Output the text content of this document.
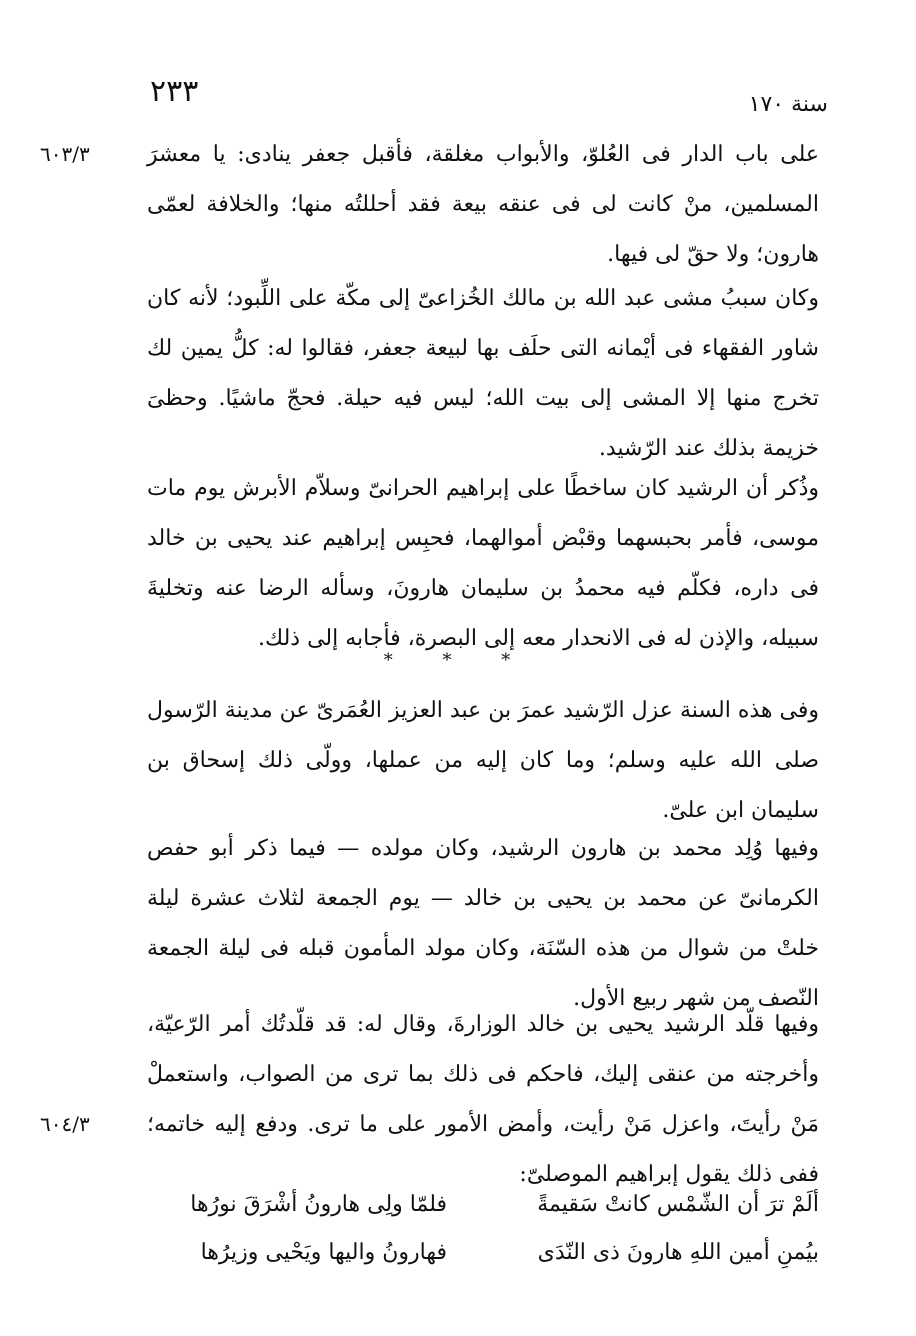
٢٣٣	سنة ١٧٠
٦٠٣/٣
٦٠٤/٣

على باب الدار فى العُلوّ، والأبواب مغلقة، فأقبل جعفر ينادى: يا معشرَ المسلمين، منْ كانت لى فى عنقه بيعة فقد أحللتُه منها؛ والخلافة لعمّى هارون؛ ولا حقّ لى فيها.

وكان سببُ مشى عبد الله بن مالك الخُزاعىّ إلى مكّة على اللِّبود؛ لأنه كان شاور الفقهاء فى أيْمانه التى حلَف بها لبيعة جعفر، فقالوا له: كلُّ يمين لك تخرج منها إلا المشى إلى بيت الله؛ ليس فيه حيلة. فحجّ ماشيًا. وحظىَ خزيمة بذلك عند الرّشيد.

وذُكر أن الرشيد كان ساخطًا على إبراهيم الحرانىّ وسلاّم الأبرش يوم مات موسى، فأمر بحبسهما وقبْض أموالهما، فحبِس إبراهيم عند يحيى بن خالد فى داره، فكلّم فيه محمدُ بن سليمان هارونَ، وسأله الرضا عنه وتخليةَ سبيله، والإذن له فى الانحدار معه إلى البصرة، فأجابه إلى ذلك.

* * *

وفى هذه السنة عزل الرّشيد عمرَ بن عبد العزيز العُمَرىّ عن مدينة الرّسول صلى الله عليه وسلم؛ وما كان إليه من عملها، وولّى ذلك إسحاق بن سليمان ابن علىّ.

وفيها وُلِد محمد بن هارون الرشيد، وكان مولده — فيما ذكر أبو حفص الكرمانىّ عن محمد بن يحيى بن خالد — يوم الجمعة لثلاث عشرة ليلة خلتْ من شوال من هذه السّنَة، وكان مولد المأمون قبله فى ليلة الجمعة النّصف من شهر ربيع الأول.

وفيها قلّد الرشيد يحيى بن خالد الوزارةَ، وقال له: قد قلّدتُك أمر الرّعيّة، وأخرجته من عنقى إليك، فاحكم فى ذلك بما ترى من الصواب، واستعملْ مَنْ رأيتَ، واعزل مَنْ رأيت، وأمض الأمور على ما ترى. ودفع إليه خاتمه؛ ففى ذلك يقول إبراهيم الموصلىّ:

ألَمْ ترَ أن الشّمْس كانتْ سَقيمةً
فلمّا ولِى هارونُ أشْرَقَ نورُها
بيُمنِ أمين اللهِ هارونَ ذى النّدَى
فهارونُ واليها ويَحْيى وزيرُها
